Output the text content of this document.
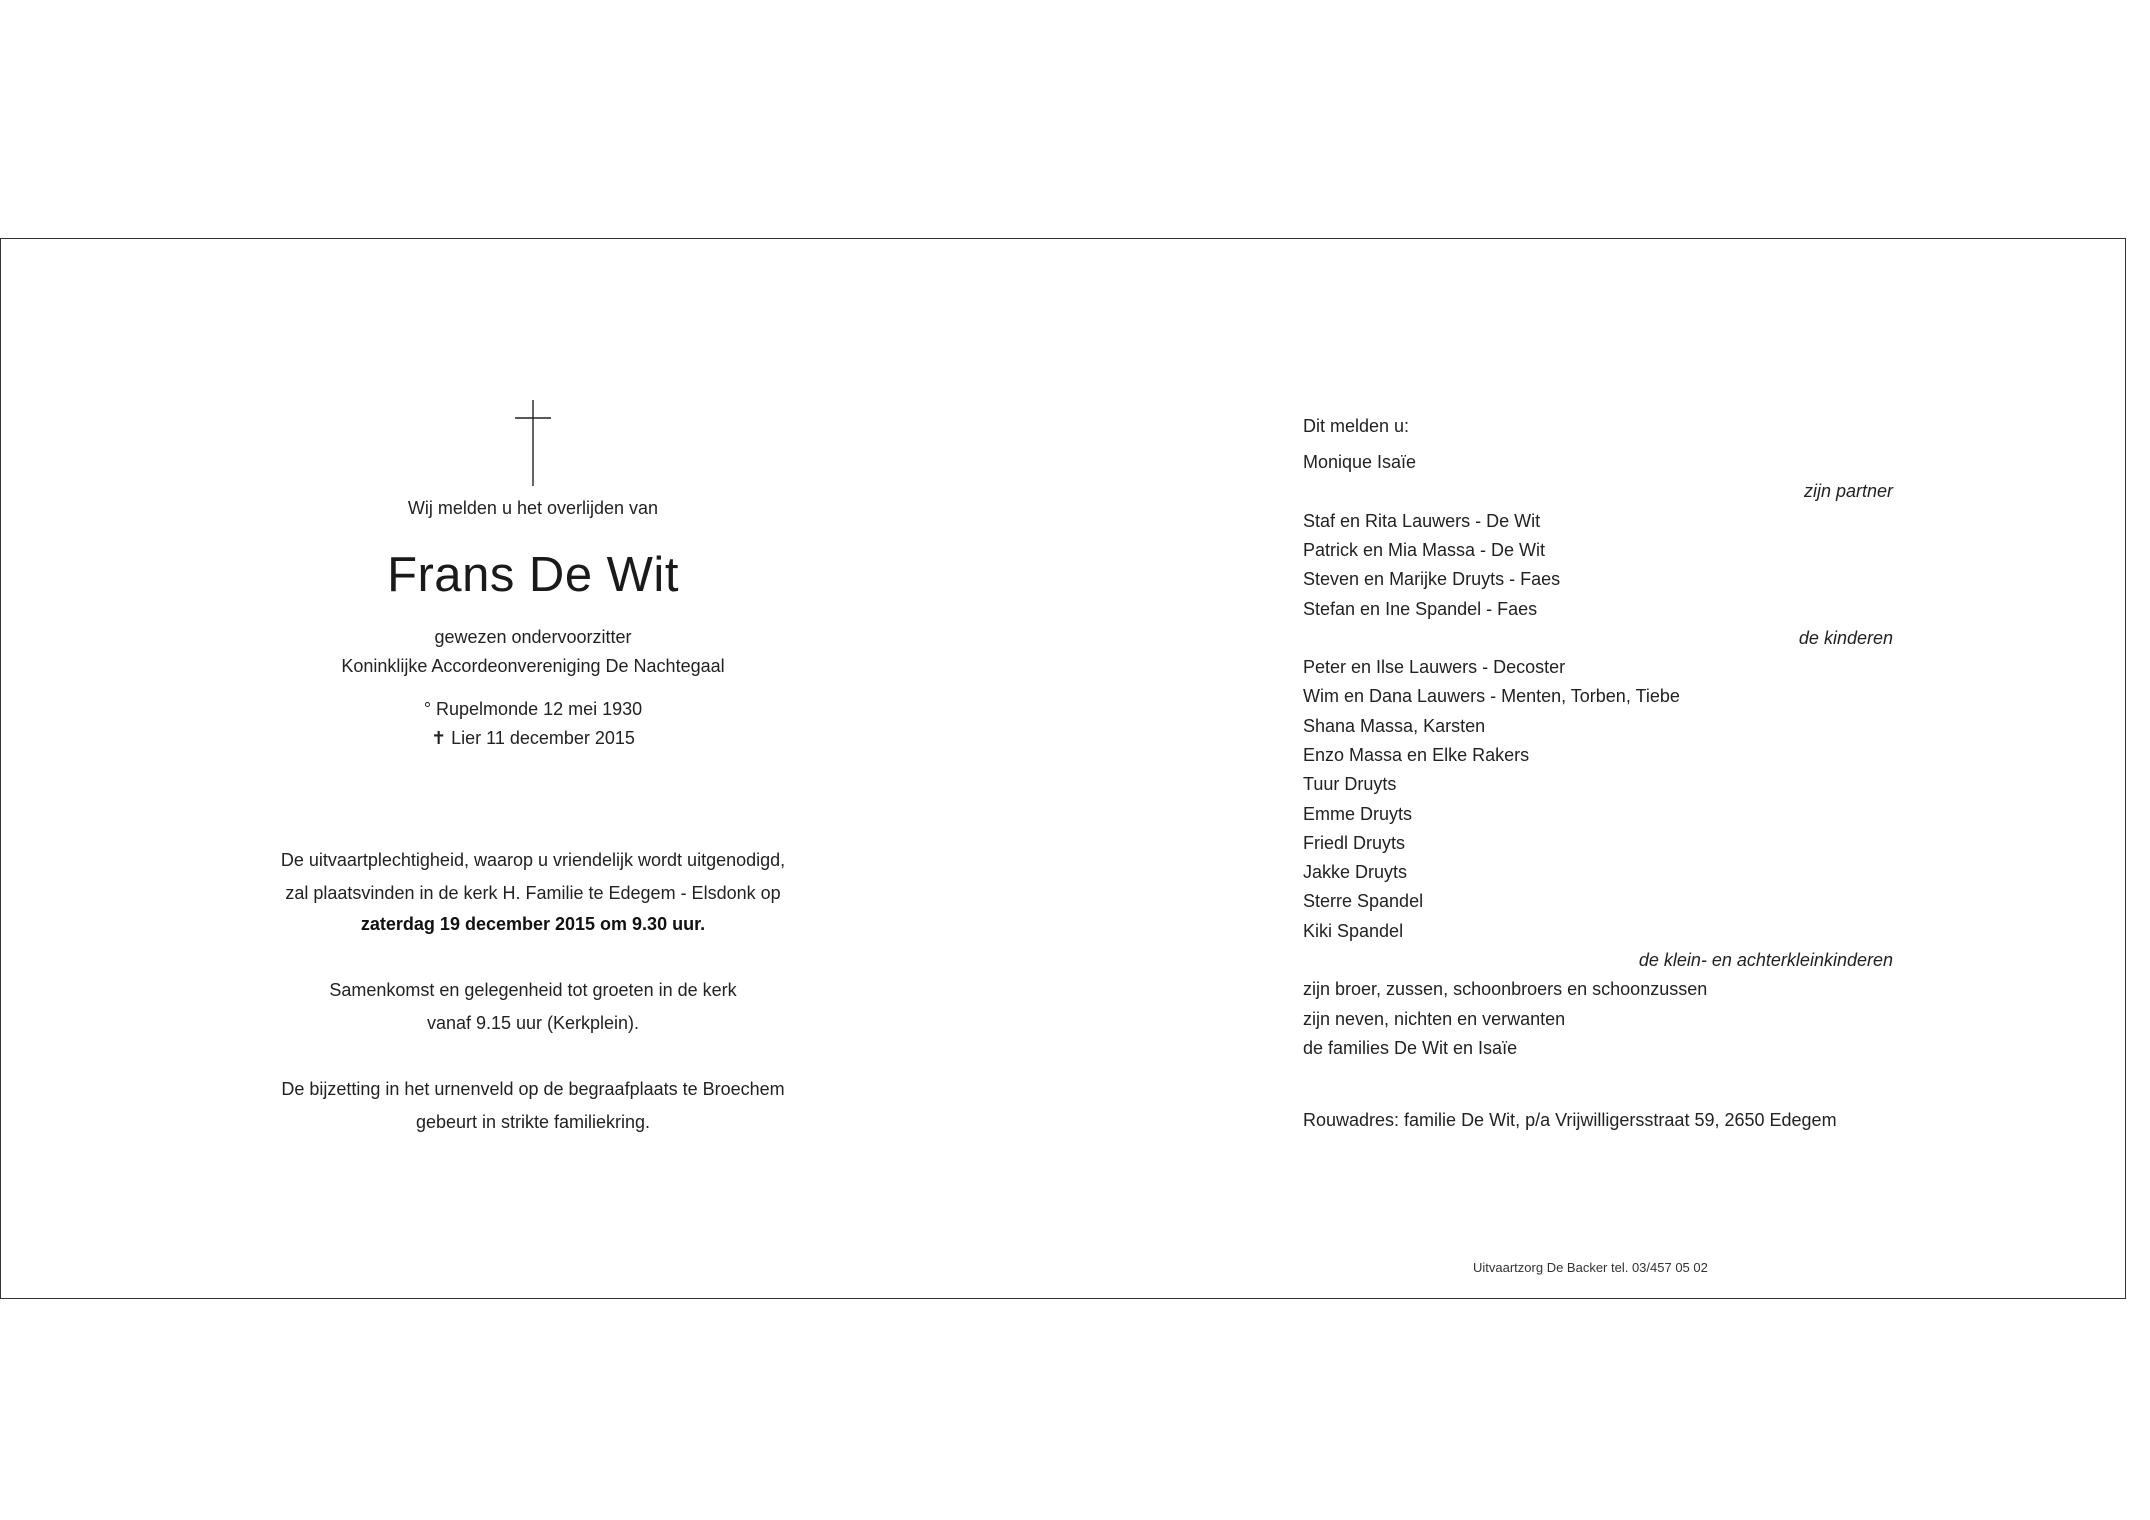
Wij melden u het overlijden van
Frans De Wit
gewezen ondervoorzitter
Koninklijke Accordeonvereniging De Nachtegaal
° Rupelmonde 12 mei 1930
✝ Lier 11 december 2015
De uitvaartplechtigheid, waarop u vriendelijk wordt uitgenodigd,
zal plaatsvinden in de kerk H. Familie te Edegem - Elsdonk op
zaterdag 19 december 2015 om 9.30 uur.
Samenkomst en gelegenheid tot groeten in de kerk
vanaf 9.15 uur (Kerkplein).
De bijzetting in het urnenveld op de begraafplaats te Broechem
gebeurt in strikte familiekring.
Dit melden u:
Monique Isaïe
zijn partner
Staf en Rita Lauwers - De Wit
Patrick en Mia Massa - De Wit
Steven en Marijke Druyts - Faes
Stefan en Ine Spandel - Faes
de kinderen
Peter en Ilse Lauwers - Decoster
Wim en Dana Lauwers - Menten, Torben, Tiebe
Shana Massa, Karsten
Enzo Massa en Elke Rakers
Tuur Druyts
Emme Druyts
Friedl Druyts
Jakke Druyts
Sterre Spandel
Kiki Spandel
de klein- en achterkleinkinderen
zijn broer, zussen, schoonbroers en schoonzussen
zijn neven, nichten en verwanten
de families De Wit en Isaïe
Rouwadres: familie De Wit, p/a Vrijwilligersstraat 59, 2650 Edegem
Uitvaartzorg De Backer tel. 03/457 05 02
